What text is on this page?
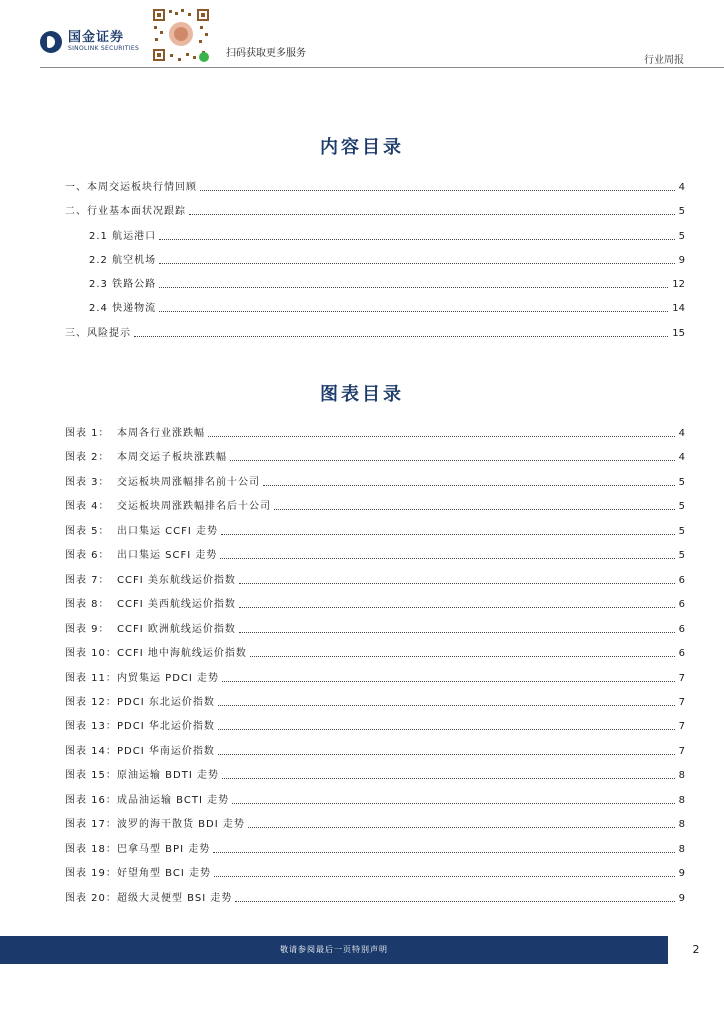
国金证券
SINOLINK SECURITIES	扫码获取更多服务
行业周报
内容目录
一、本周交运板块行情回顾	4
二、行业基本面状况跟踪	5
2.1 航运港口	5
2.2 航空机场	9
2.3 铁路公路	12
2.4 快递物流	14
三、风险提示	15
图表目录
图表 1： 本周各行业涨跌幅	4
图表 2： 本周交运子板块涨跌幅	4
图表 3： 交运板块周涨幅排名前十公司	5
图表 4： 交运板块周涨跌幅排名后十公司	5
图表 5： 出口集运 CCFI 走势	5
图表 6： 出口集运 SCFI 走势	5
图表 7： CCFI 美东航线运价指数	6
图表 8： CCFI 美西航线运价指数	6
图表 9： CCFI 欧洲航线运价指数	6
图表 10：CCFI 地中海航线运价指数	6
图表 11：内贸集运 PDCI 走势	7
图表 12：PDCI 东北运价指数	7
图表 13：PDCI 华北运价指数	7
图表 14：PDCI 华南运价指数	7
图表 15：原油运输 BDTI 走势	8
图表 16：成品油运输 BCTI 走势	8
图表 17：波罗的海干散货 BDI 走势	8
图表 18：巴拿马型 BPI 走势	8
图表 19：好望角型 BCI 走势	9
图表 20：超级大灵便型 BSI 走势	9
敬请参阅最后一页特别声明	2
